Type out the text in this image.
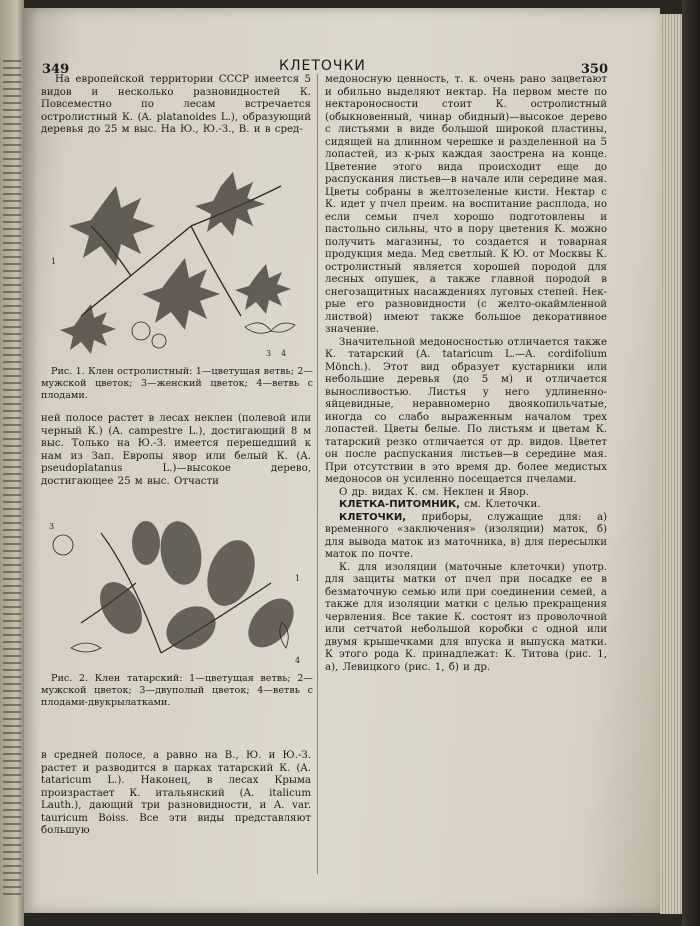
349	КЛЕТОЧКИ	350

На европейской территории СССР имеется 5 видов и несколько разновидностей К. Повсеместно по лесам встречается остролистный К. (A. platanoides L.), образующий деревья до 25 м выс. На Ю., Ю.-З., В. и в сред-

1
3 4
Рис. 1. Клен остролистный: 1—цветущая ветвь; 2—мужской цветок; 3—женский цветок; 4—ветвь с плодами.

ней полосе растет в лесах неклен (полевой или черный К.) (A. campestre L.), достигающий 8 м выс. Только на Ю.-З. имеется перешедший к нам из Зап. Европы явор или белый К. (A. pseudoplatanus L.)—высокое дерево, достигающее 25 м выс. Отчасти

3
1
4
Рис. 2. Клен татарский: 1—цветущая ветвь; 2—мужской цветок; 3—двуполый цветок; 4—ветвь с плодами-двукрылатками.

в средней полосе, а равно на В., Ю. и Ю.-З. растет и разводится в парках татарский К. (A. tataricum L.). Наконец, в лесах Крыма произрастает К. итальянский (A. italicum Lauth.), дающий три разновидности, и A. var. tauricum Boiss. Все эти виды представляют большую

медоносную ценность, т. к. очень рано зацветают и обильно выделяют нектар. На первом месте по нектароносности стоит К. остролистный (обыкновенный, чинар обидный)—высокое дерево с листьями в виде большой широкой пластины, сидящей на длинном черешке и разделенной на 5 лопастей, из к-рых каждая заострена на конце. Цветение этого вида происходит еще до распускания листьев—в начале или середине мая. Цветы собраны в желтозеленые кисти. Нектар с К. идет у пчел преим. на воспитание расплода, но если семьи пчел хорошо подготовлены и пастольно сильны, что в пору цветения К. можно получить магазины, то создается и товарная продукция меда. Мед светлый. К Ю. от Москвы К. остролистный является хорошей породой для лесных опушек, а также главной породой в снегозащитных насаждениях луговых степей. Нек-рые его разновидности (с желто-окаймленной листвой) имеют также большое декоративное значение.

Значительной медоносностью отличается также К. татарский (A. tataricum L.—A. cordifolium Mönch.). Этот вид образует кустарники или небольшие деревья (до 5 м) и отличается выносливостью. Листья у него удлиненно-яйцевидные, неравномерно двоякопильчатые, иногда со слабо выраженным началом трех лопастей. Цветы белые. По листьям и цветам К. татарский резко отличается от др. видов. Цветет он после распускания листьев—в середине мая. При отсутствии в это время др. более медистых медоносов он усиленно посещается пчелами.

О др. видах К. см. Неклен и Явор.

КЛЕТКА-ПИТОМНИК, см. Клеточки.

КЛЕТОЧКИ, приборы, служащие для: а) временного «заключения» (изоляции) маток, б) для вывода маток из маточника, в) для пересылки маток по почте.

К. для изоляции (маточные клеточки) употр. для защиты матки от пчел при посадке ее в безматочную семью или при соединении семей, а также для изоляции матки с целью прекращения червления. Все такие К. состоят из проволочной или сетчатой небольшой коробки с одной или двумя крышечками для впуска и выпуска матки. К этого рода К. принадлежат: К. Титова (рис. 1, а), Левицкого (рис. 1, б) и др.
